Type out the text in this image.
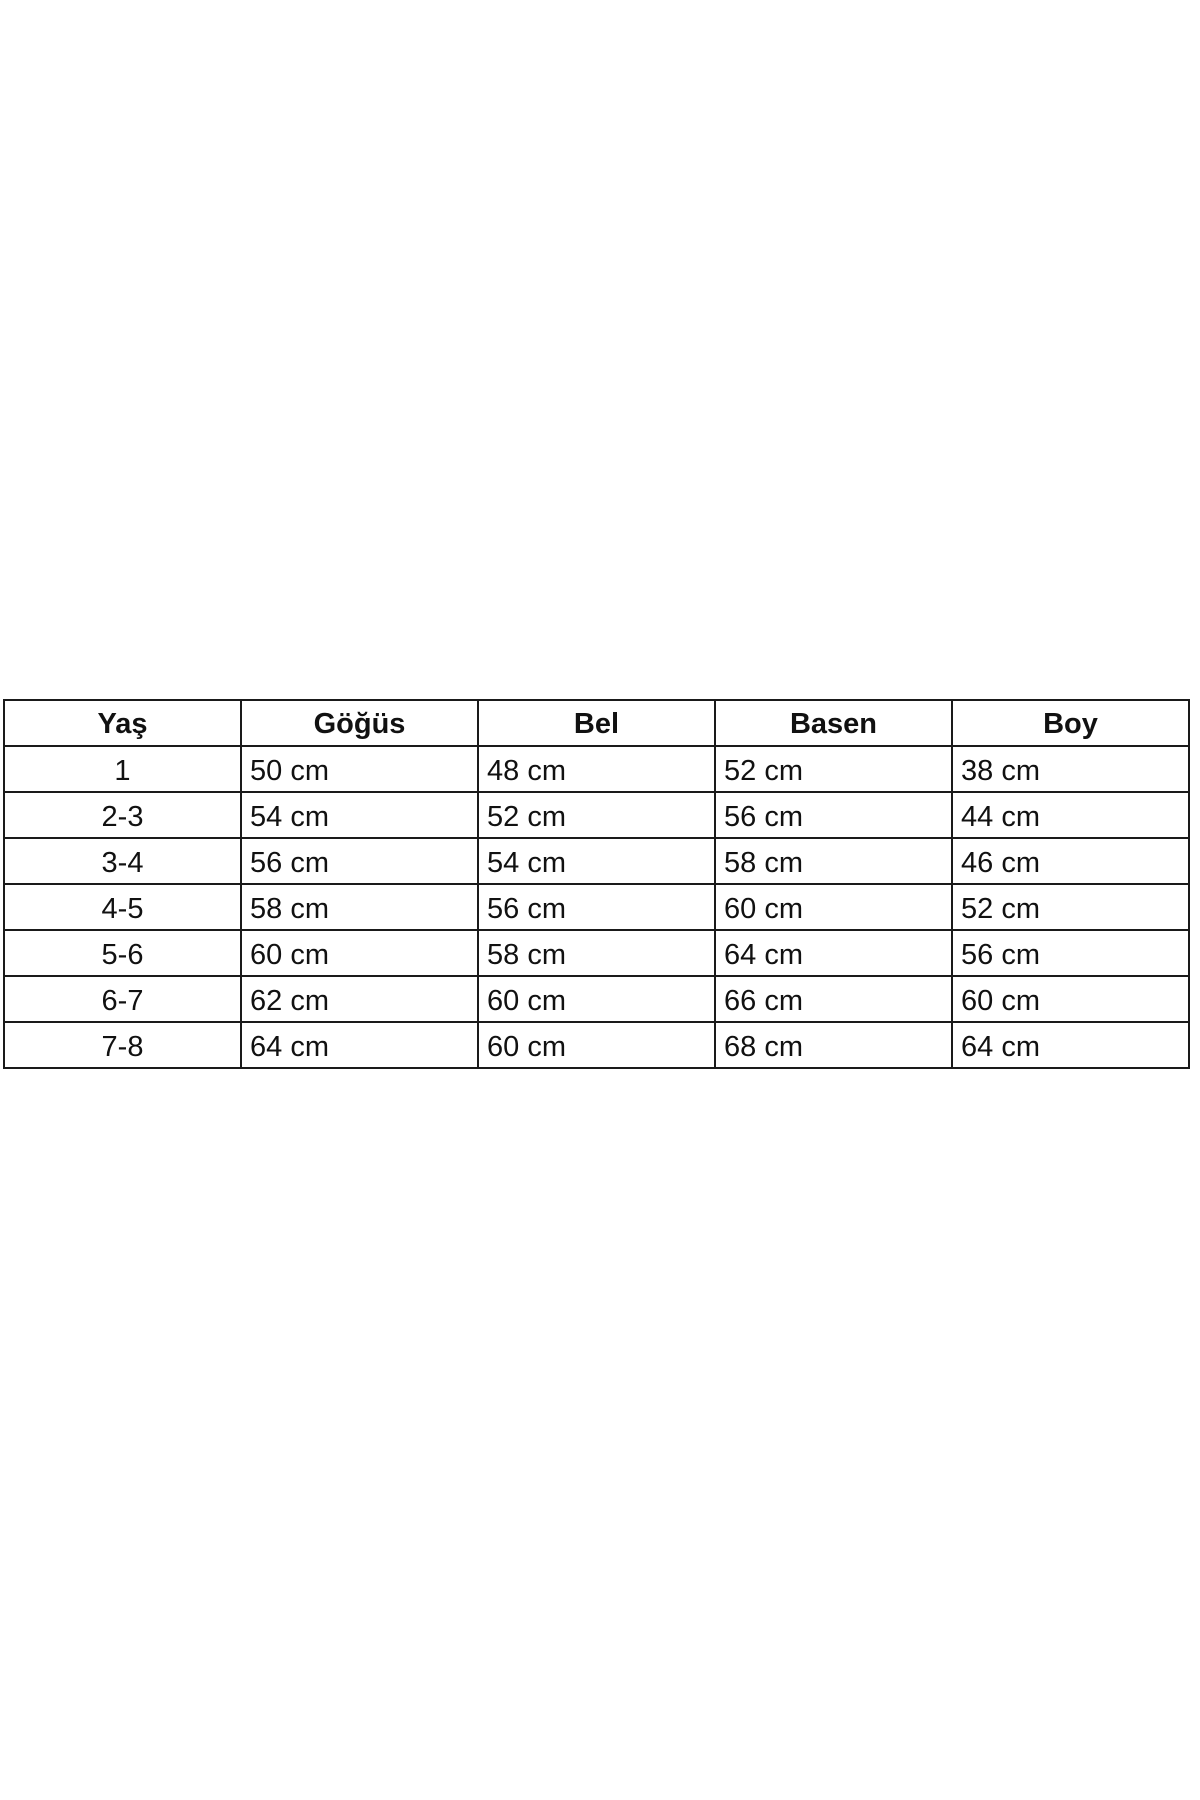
Yaş	Göğüs	Bel	Basen	Boy
1	50 cm	48 cm	52 cm	38 cm
2-3	54 cm	52 cm	56 cm	44 cm
3-4	56 cm	54 cm	58 cm	46 cm
4-5	58 cm	56 cm	60 cm	52 cm
5-6	60 cm	58 cm	64 cm	56 cm
6-7	62 cm	60 cm	66 cm	60 cm
7-8	64 cm	60 cm	68 cm	64 cm
